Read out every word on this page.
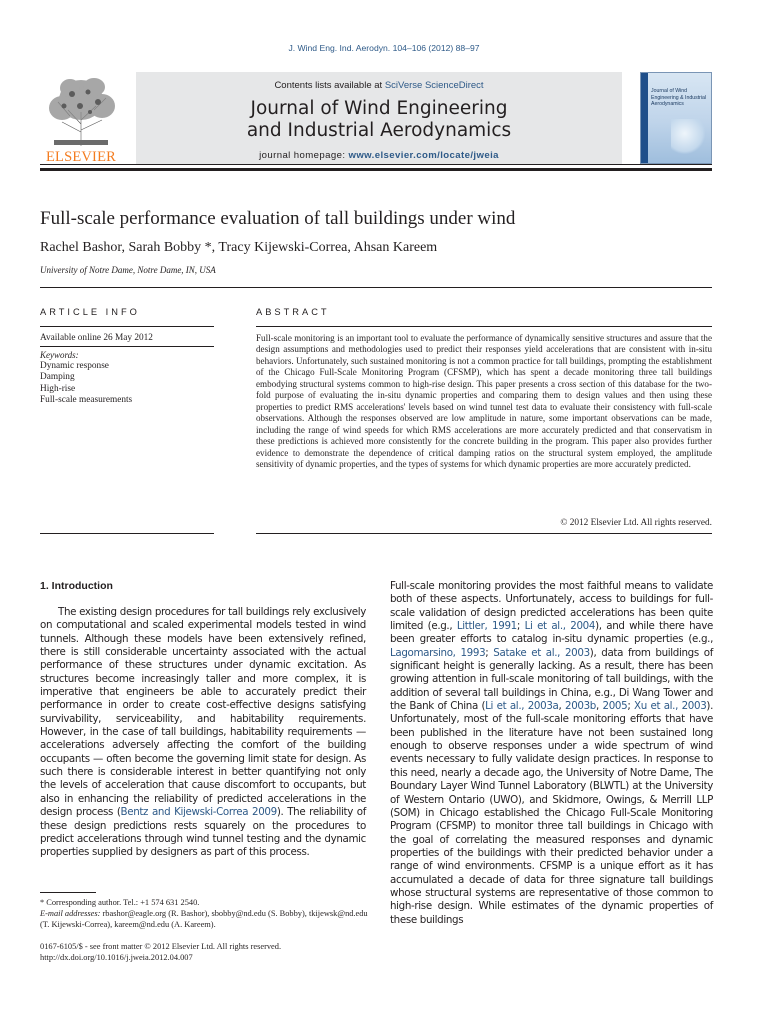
J. Wind Eng. Ind. Aerodyn. 104–106 (2012) 88–97
ELSEVIER
Contents lists available at SciVerse ScienceDirect
Journal of Wind Engineering
and Industrial Aerodynamics
journal homepage: www.elsevier.com/locate/jweia
Journal of Wind Engineering & Industrial Aerodynamics
Full-scale performance evaluation of tall buildings under wind
Rachel Bashor, Sarah Bobby *, Tracy Kijewski-Correa, Ahsan Kareem
University of Notre Dame, Notre Dame, IN, USA
ARTICLE INFO	ABSTRACT
Available online 26 May 2012
Keywords:
Dynamic response
Damping
High-rise
Full-scale measurements
Full-scale monitoring is an important tool to evaluate the performance of dynamically sensitive structures and assure that the design assumptions and methodologies used to predict their responses yield accelerations that are consistent with in-situ behaviors. Unfortunately, such sustained monitoring is not a common practice for tall buildings, prompting the establishment of the Chicago Full-Scale Monitoring Program (CFSMP), which has spent a decade monitoring three tall buildings embodying structural systems common to high-rise design. This paper presents a cross section of this database for the two-fold purpose of evaluating the in-situ dynamic properties and comparing them to design values and then using these properties to predict RMS accelerations' levels based on wind tunnel test data to evaluate their consistency with full-scale observations. Although the responses observed are low amplitude in nature, some important observations can be made, including the range of wind speeds for which RMS accelerations are more accurately predicted and that conservatism in these predictions is achieved more consistently for the concrete building in the program. This paper also provides further evidence to demonstrate the dependence of critical damping ratios on the structural system employed, the amplitude sensitivity of dynamic properties, and the types of systems for which dynamic properties are more accurately predicted.
© 2012 Elsevier Ltd. All rights reserved.
1. Introduction
The existing design procedures for tall buildings rely exclusively on computational and scaled experimental models tested in wind tunnels. Although these models have been extensively refined, there is still considerable uncertainty associated with the actual performance of these structures under dynamic excitation. As structures become increasingly taller and more complex, it is imperative that engineers be able to accurately predict their performance in order to create cost-effective designs satisfying survivability, serviceability, and habitability requirements. However, in the case of tall buildings, habitability requirements — accelerations adversely affecting the comfort of the building occupants — often become the governing limit state for design. As such there is considerable interest in better quantifying not only the levels of acceleration that cause discomfort to occupants, but also in enhancing the reliability of predicted accelerations in the design process (Bentz and Kijewski-Correa 2009). The reliability of these design predictions rests squarely on the procedures to predict accelerations through wind tunnel testing and the dynamic properties supplied by designers as part of this process.
Full-scale monitoring provides the most faithful means to validate both of these aspects. Unfortunately, access to buildings for full-scale validation of design predicted accelerations has been quite limited (e.g., Littler, 1991; Li et al., 2004), and while there have been greater efforts to catalog in-situ dynamic properties (e.g., Lagomarsino, 1993; Satake et al., 2003), data from buildings of significant height is generally lacking. As a result, there has been growing attention in full-scale monitoring of tall buildings, with the addition of several tall buildings in China, e.g., Di Wang Tower and the Bank of China (Li et al., 2003a, 2003b, 2005; Xu et al., 2003). Unfortunately, most of the full-scale monitoring efforts that have been published in the literature have not been sustained long enough to observe responses under a wide spectrum of wind events necessary to fully validate design practices. In response to this need, nearly a decade ago, the University of Notre Dame, The Boundary Layer Wind Tunnel Laboratory (BLWTL) at the University of Western Ontario (UWO), and Skidmore, Owings, & Merrill LLP (SOM) in Chicago established the Chicago Full-Scale Monitoring Program (CFSMP) to monitor three tall buildings in Chicago with the goal of correlating the measured responses and dynamic properties of the buildings with their predicted behavior under a range of wind environments. CFSMP is a unique effort as it has accumulated a decade of data for three signature tall buildings whose structural systems are representative of those common to high-rise design. While estimates of the dynamic properties of these buildings
* Corresponding author. Tel.: +1 574 631 2540.
E-mail addresses: rbashor@eagle.org (R. Bashor), sbobby@nd.edu (S. Bobby), tkijewsk@nd.edu (T. Kijewski-Correa), kareem@nd.edu (A. Kareem).
0167-6105/$ - see front matter © 2012 Elsevier Ltd. All rights reserved.
http://dx.doi.org/10.1016/j.jweia.2012.04.007
